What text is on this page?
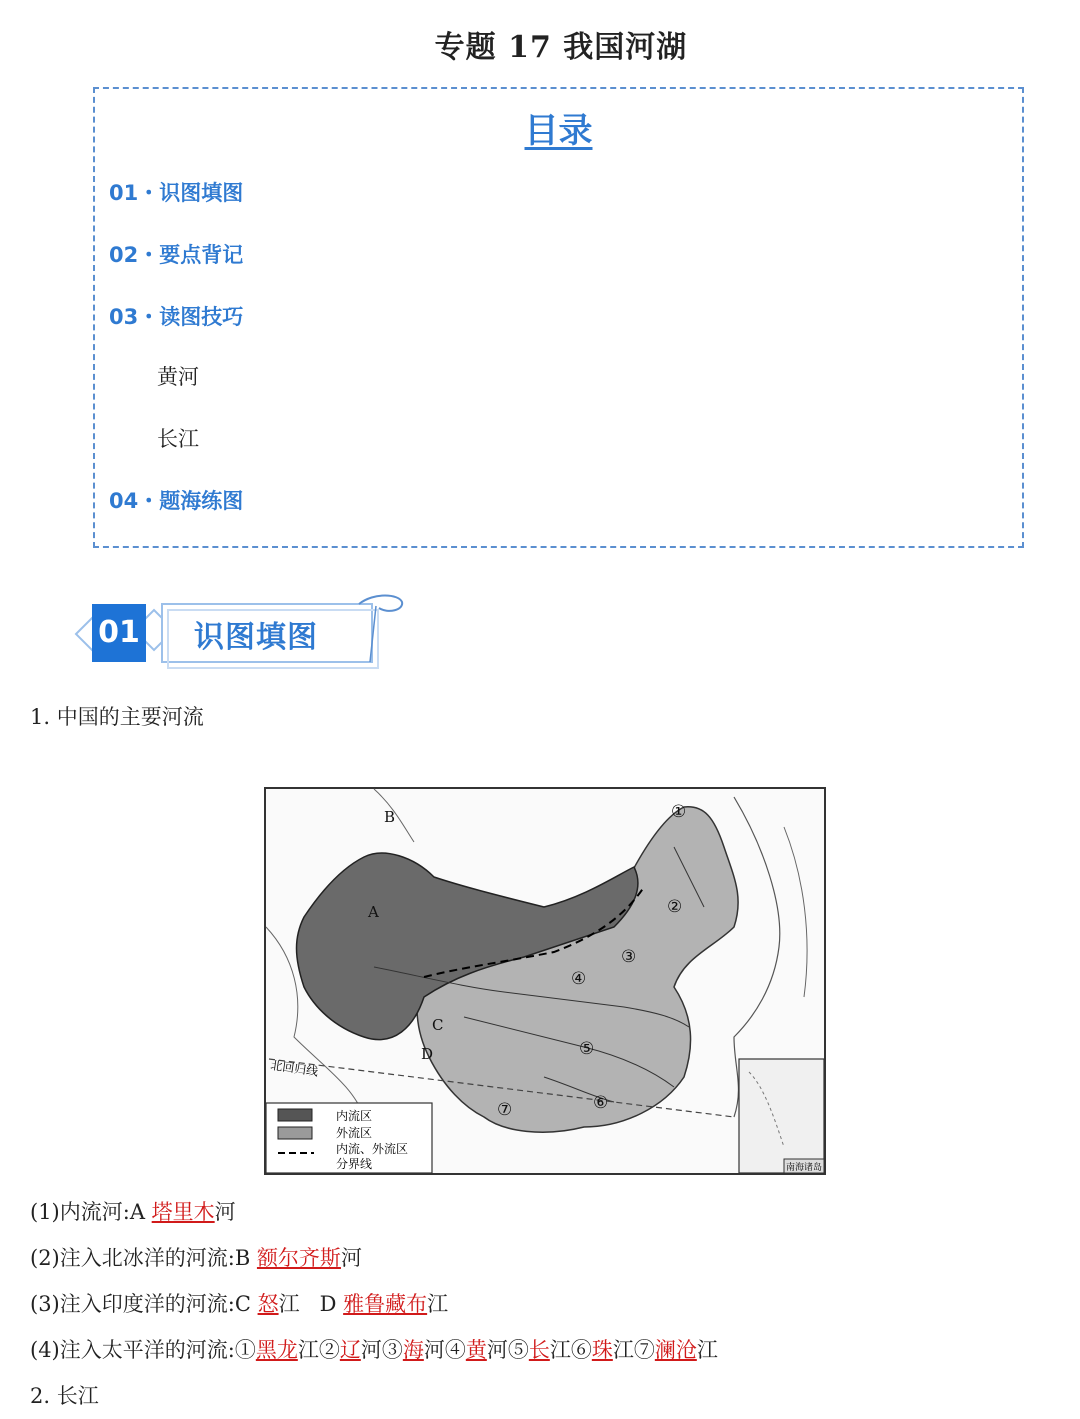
专题 17 我国河湖
目录
01・识图填图
02・要点背记
03・读图技巧
黄河
长江
04・题海练图
01 识图填图
1. 中国的主要河流
北回归线
A
B
C
D
①
②
③
④
⑤
⑥
⑦
内流区
外流区
内流、外流区
分界线	南海诸岛
(1)内流河:A 塔里木河
(2)注入北冰洋的河流:B 额尔齐斯河
(3)注入印度洋的河流:C 怒江   D 雅鲁藏布江
(4)注入太平洋的河流:①黑龙江②辽河③海河④黄河⑤长江⑥珠江⑦澜沧江
2. 长江
